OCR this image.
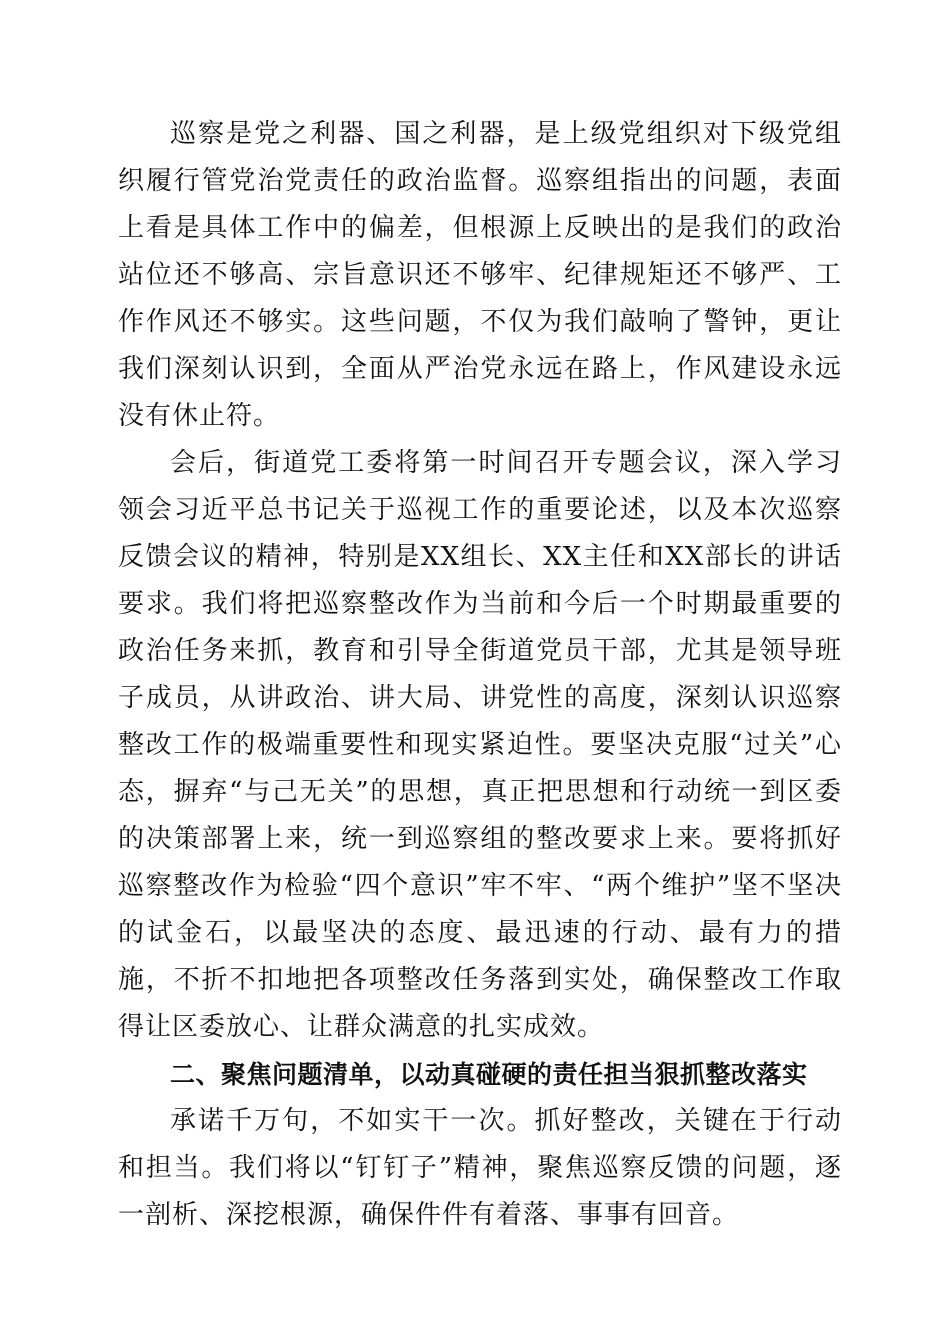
巡察是党之利器、国之利器，是上级党组织对下级党组织履行管党治党责任的政治监督。巡察组指出的问题，表面上看是具体工作中的偏差，但根源上反映出的是我们的政治站位还不够高、宗旨意识还不够牢、纪律规矩还不够严、工作作风还不够实。这些问题，不仅为我们敲响了警钟，更让我们深刻认识到，全面从严治党永远在路上，作风建设永远没有休止符。

会后，街道党工委将第一时间召开专题会议，深入学习领会习近平总书记关于巡视工作的重要论述，以及本次巡察反馈会议的精神，特别是XX组长、XX主任和XX部长的讲话要求。我们将把巡察整改作为当前和今后一个时期最重要的政治任务来抓，教育和引导全街道党员干部，尤其是领导班子成员，从讲政治、讲大局、讲党性的高度，深刻认识巡察整改工作的极端重要性和现实紧迫性。要坚决克服“过关”心态，摒弃“与己无关”的思想，真正把思想和行动统一到区委的决策部署上来，统一到巡察组的整改要求上来。要将抓好巡察整改作为检验“四个意识”牢不牢、“两个维护”坚不坚决的试金石，以最坚决的态度、最迅速的行动、最有力的措施，不折不扣地把各项整改任务落到实处，确保整改工作取得让区委放心、让群众满意的扎实成效。

二、聚焦问题清单，以动真碰硬的责任担当狠抓整改落实

承诺千万句，不如实干一次。抓好整改，关键在于行动和担当。我们将以“钉钉子”精神，聚焦巡察反馈的问题，逐一剖析、深挖根源，确保件件有着落、事事有回音。
